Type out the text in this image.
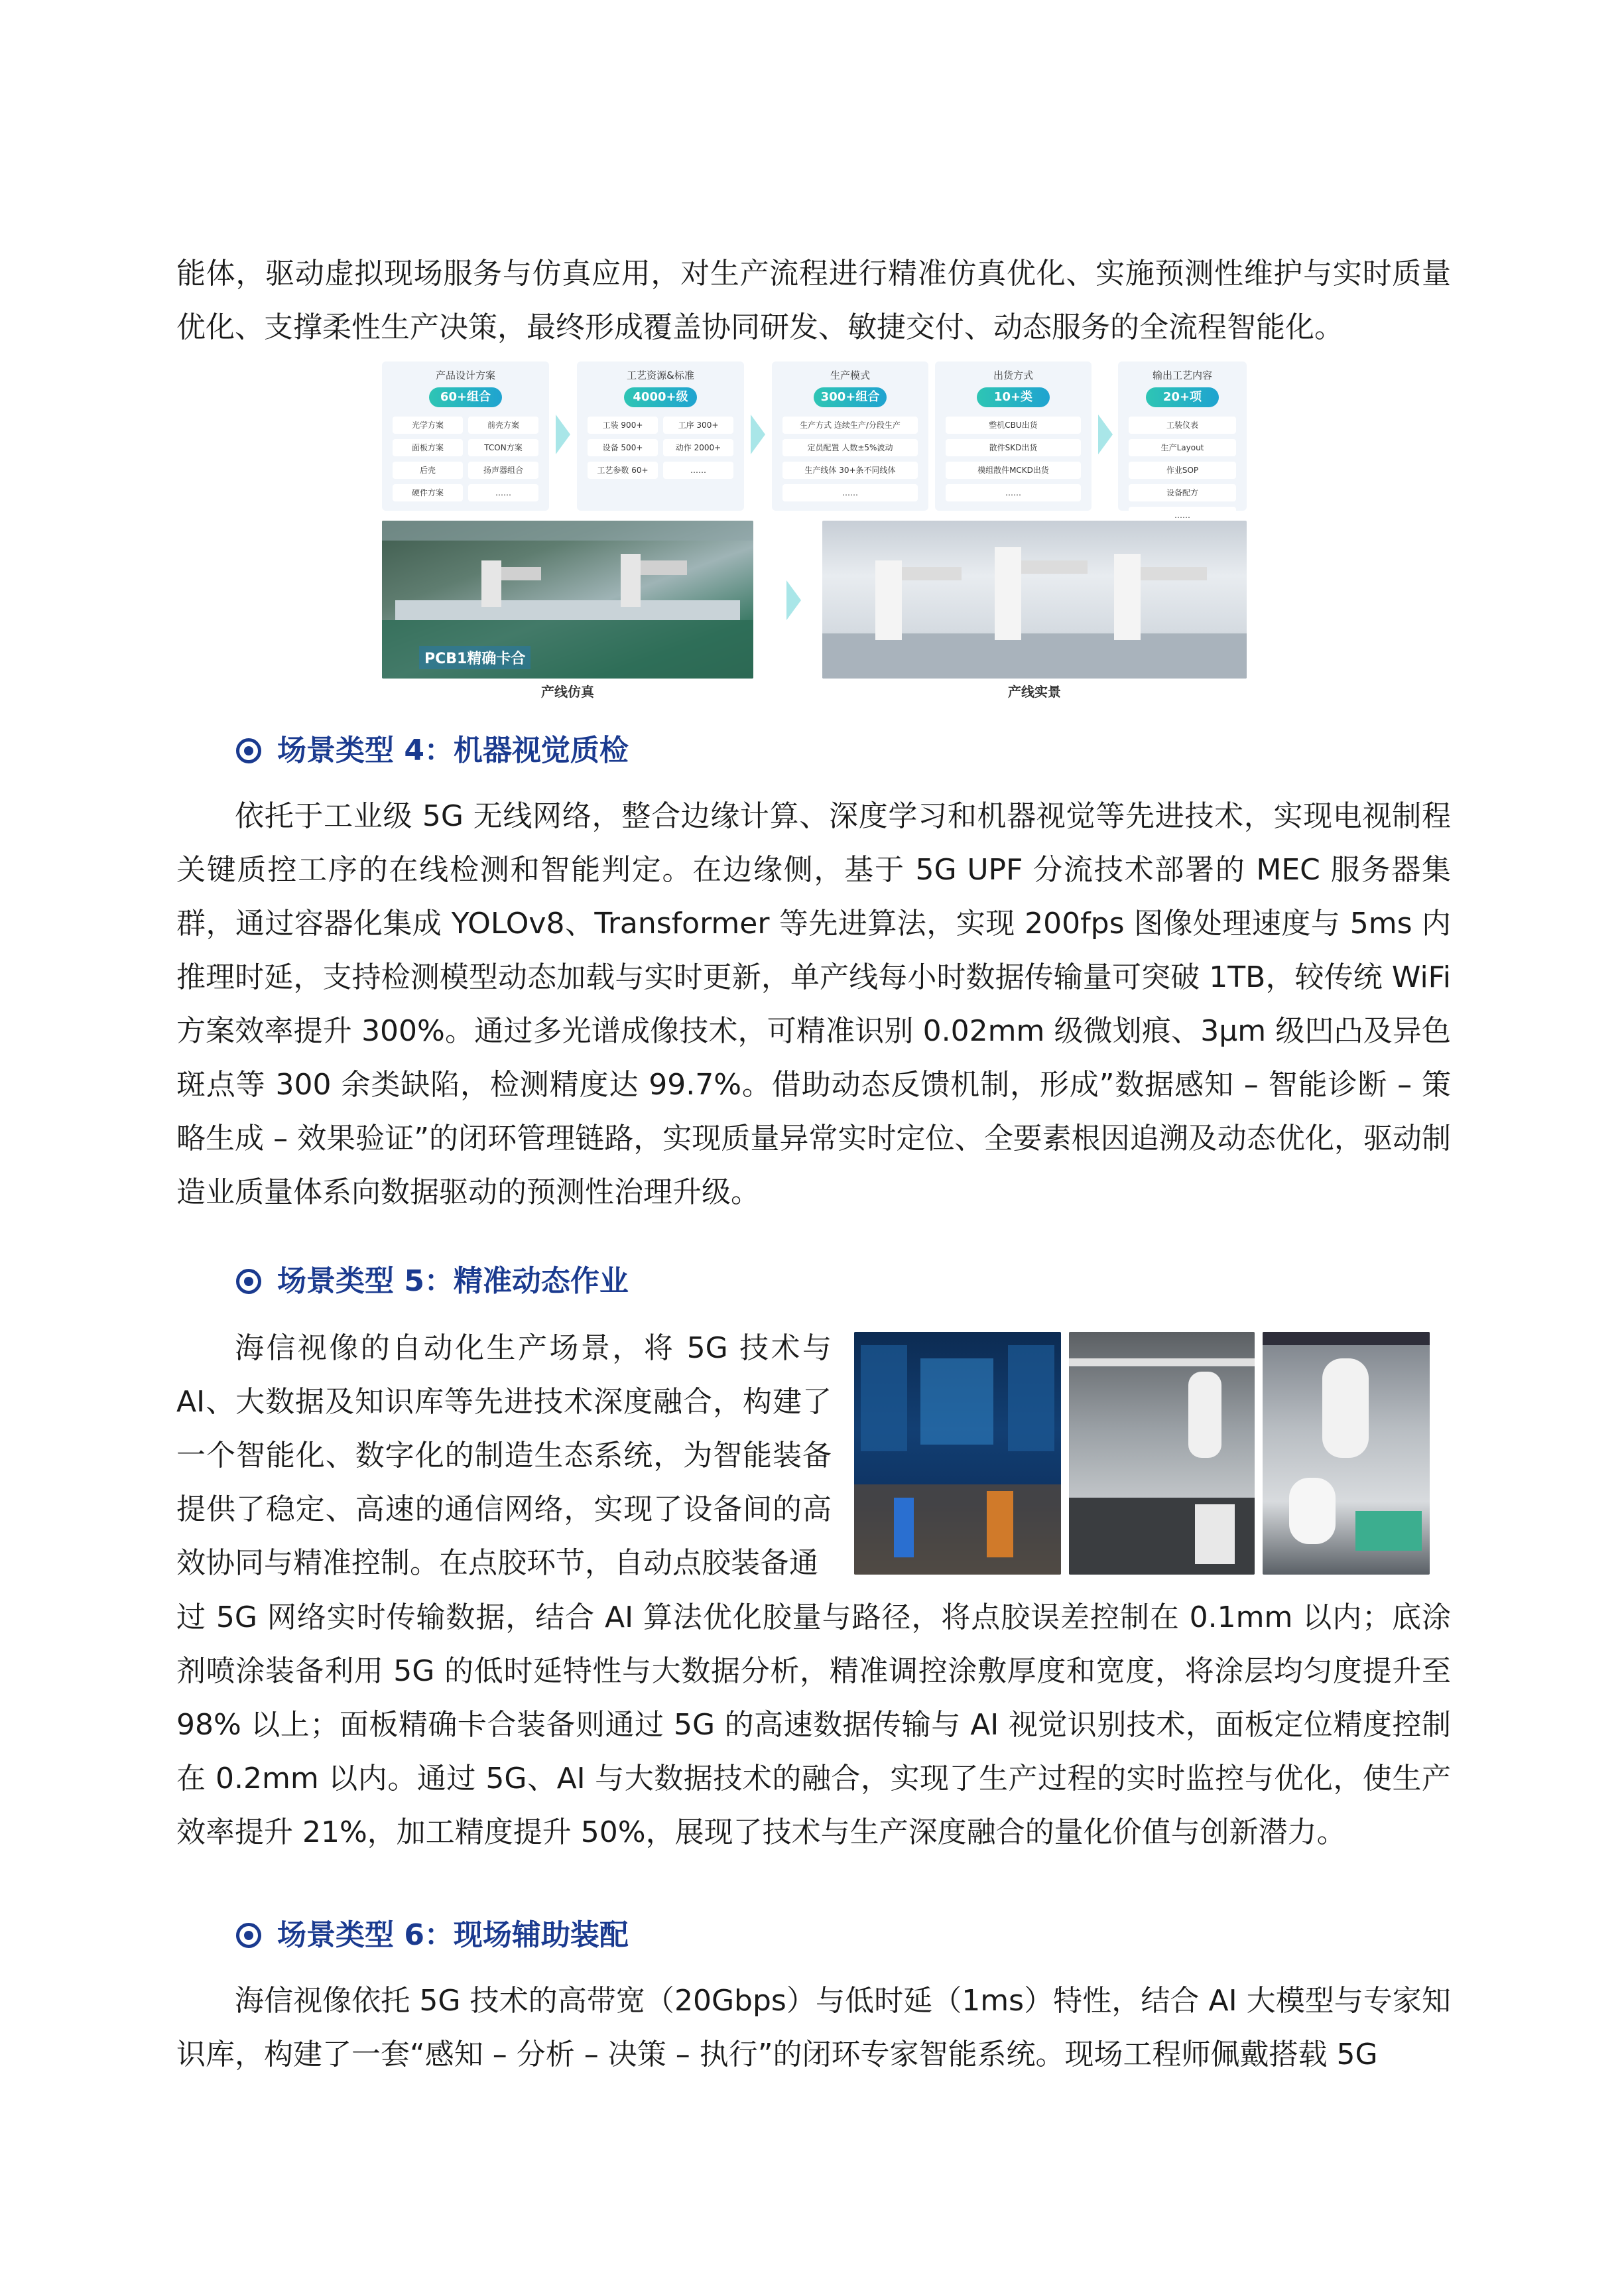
能体，驱动虚拟现场服务与仿真应用，对生产流程进行精准仿真优化、实施预测性维护与实时质量优化、支撑柔性生产决策，最终形成覆盖协同研发、敏捷交付、动态服务的全流程智能化。

产品设计方案
60+组合
光学方案	前壳方案
面板方案	TCON方案
后壳	扬声器组合
硬件方案	……
工艺资源&标准
4000+级
工装 900+	工序 300+
设备 500+	动作 2000+
工艺参数 60+	……
生产模式
300+组合
生产方式 连续生产/分段生产
定员配置 人数±5%波动
生产线体 30+条不同线体
……
出货方式
10+类
整机CBU出货
散件SKD出货
模组散件MCKD出货
……
输出工艺内容
20+项
工装仪表
生产Layout
作业SOP
设备配方
……
PCB1精确卡合
产线仿真	产线实景
场景类型 4：机器视觉质检

依托于工业级 5G 无线网络，整合边缘计算、深度学习和机器视觉等先进技术，实现电视制程关键质控工序的在线检测和智能判定。在边缘侧，基于 5G UPF 分流技术部署的 MEC 服务器集群，通过容器化集成 YOLOv8、Transformer 等先进算法，实现 200fps 图像处理速度与 5ms 内推理时延，支持检测模型动态加载与实时更新，单产线每小时数据传输量可突破 1TB，较传统 WiFi 方案效率提升 300%。通过多光谱成像技术，可精准识别 0.02mm 级微划痕、3μm 级凹凸及异色斑点等 300 余类缺陷，检测精度达 99.7%。借助动态反馈机制，形成”数据感知 – 智能诊断 – 策略生成 – 效果验证”的闭环管理链路，实现质量异常实时定位、全要素根因追溯及动态优化，驱动制造业质量体系向数据驱动的预测性治理升级。

场景类型 5：精准动态作业

海信视像的自动化生产场景，将 5G 技术与 AI、大数据及知识库等先进技术深度融合，构建了一个智能化、数字化的制造生态系统，为智能装备提供了稳定、高速的通信网络，实现了设备间的高效协同与精准控制。在点胶环节，自动点胶装备通

过 5G 网络实时传输数据，结合 AI 算法优化胶量与路径，将点胶误差控制在 0.1mm 以内；底涂剂喷涂装备利用 5G 的低时延特性与大数据分析，精准调控涂敷厚度和宽度，将涂层均匀度提升至 98% 以上；面板精确卡合装备则通过 5G 的高速数据传输与 AI 视觉识别技术，面板定位精度控制在 0.2mm 以内。通过 5G、AI 与大数据技术的融合，实现了生产过程的实时监控与优化，使生产效率提升 21%，加工精度提升 50%，展现了技术与生产深度融合的量化价值与创新潜力。

场景类型 6：现场辅助装配

海信视像依托 5G 技术的高带宽（20Gbps）与低时延（1ms）特性，结合 AI 大模型与专家知识库，构建了一套“感知 – 分析 – 决策 – 执行”的闭环专家智能系统。现场工程师佩戴搭载 5G
